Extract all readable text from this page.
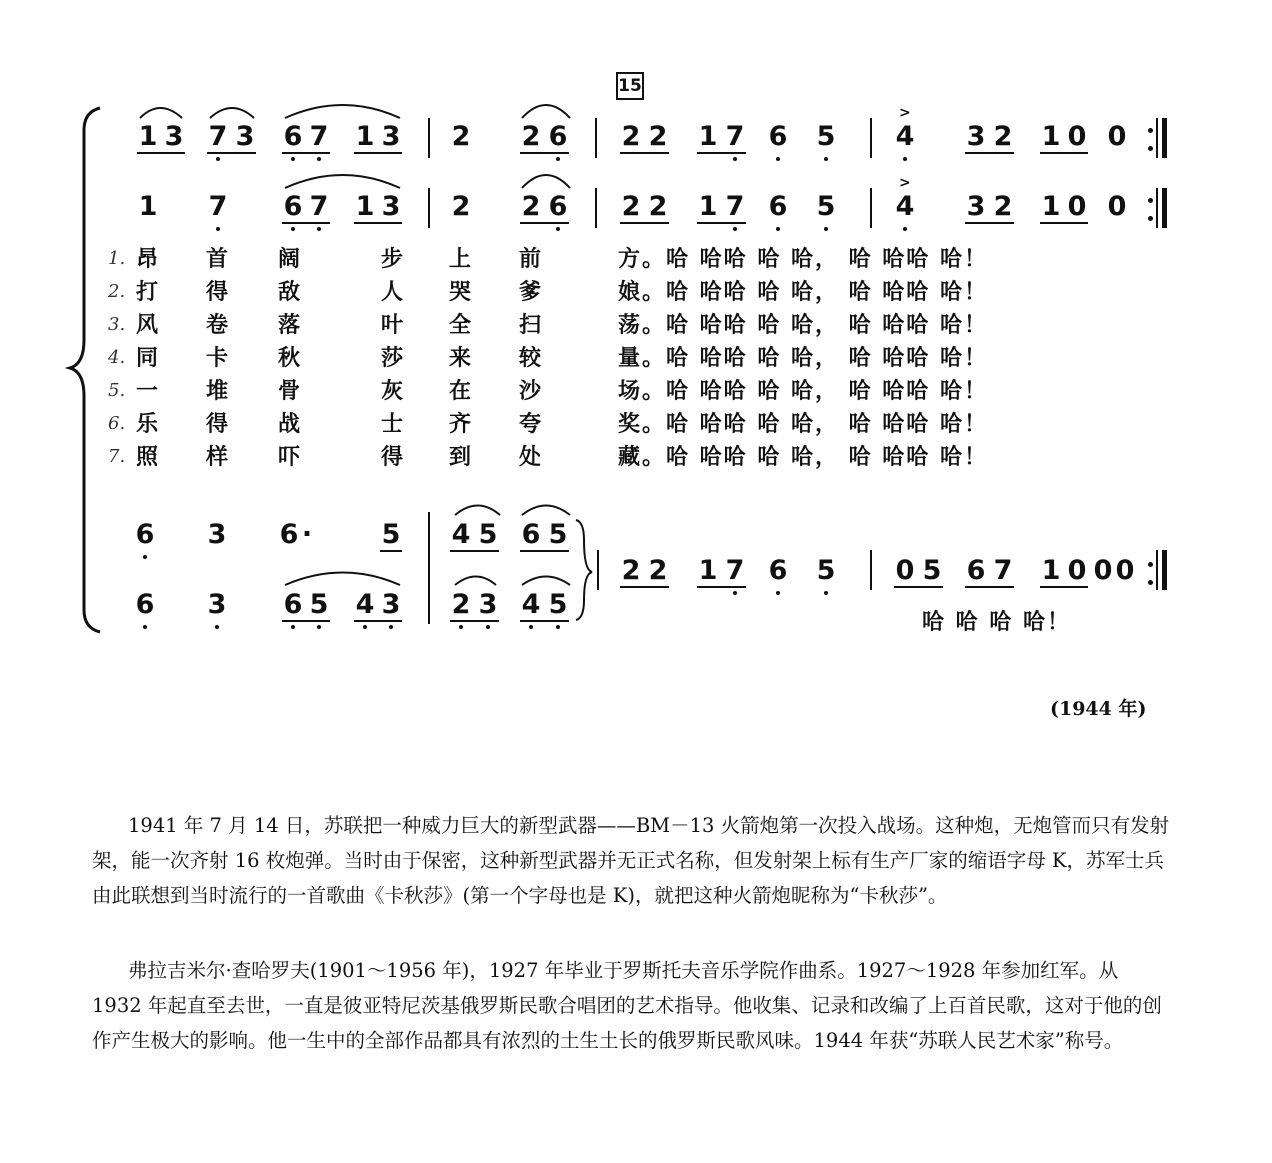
15
1 3 7 3 6 7 1 3 2 2 6 2 2 1 7 6 5
>
4 3 2 1 0 0
1 7 6 7 1 3 2 2 6 2 2 1 7 6 5
>
4 3 2 1 0 0
1. 昂 首 阔	步 上 前	方。哈 哈哈 哈 哈， 哈 哈哈 哈！
2. 打 得 敌	人 哭 爹	娘。哈 哈哈 哈 哈， 哈 哈哈 哈！
3. 风 卷 落	叶 全 扫	荡。哈 哈哈 哈 哈， 哈 哈哈 哈！
4. 同 卡 秋	莎 来 较	量。哈 哈哈 哈 哈， 哈 哈哈 哈！
5. 一 堆 骨	灰 在 沙	场。哈 哈哈 哈 哈， 哈 哈哈 哈！
6. 乐 得 战	士 齐 夸	奖。哈 哈哈 哈 哈， 哈 哈哈 哈！
7. 照 样 吓	得 到 处	藏。哈 哈哈 哈 哈， 哈 哈哈 哈！
6 3 6 ·	5 4 5 6 5
6 3 6 5 4 3 2 3 4 5
2 2 1 7 6 5 0 5 6 7 1 0 0 0
哈 哈 哈 哈！
(1944 年)

1941 年 7 月 14 日，苏联把一种威力巨大的新型武器——BM－13 火箭炮第一次投入战场。这种炮，无炮管而只有发射架，能一次齐射 16 枚炮弹。当时由于保密，这种新型武器并无正式名称，但发射架上标有生产厂家的缩语字母 K，苏军士兵由此联想到当时流行的一首歌曲《卡秋莎》(第一个字母也是 K)，就把这种火箭炮昵称为“卡秋莎”。

弗拉吉米尔·查哈罗夫(1901～1956 年)，1927 年毕业于罗斯托夫音乐学院作曲系。1927～1928 年参加红军。从 1932 年起直至去世，一直是彼亚特尼茨基俄罗斯民歌合唱团的艺术指导。他收集、记录和改编了上百首民歌，这对于他的创作产生极大的影响。他一生中的全部作品都具有浓烈的土生土长的俄罗斯民歌风味。1944 年获“苏联人民艺术家”称号。
